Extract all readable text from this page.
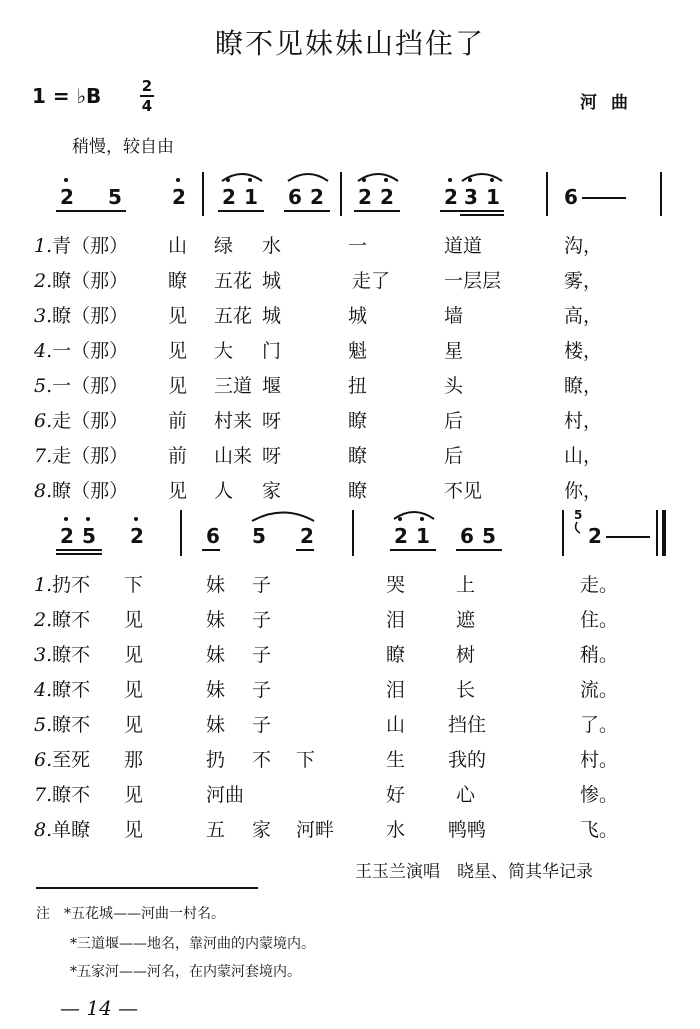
瞭不见妹妹山挡住了
1 = ♭B	2
4	河曲
稍慢，较自由
2 5	2 2 1 6 2 2 2	2 3 1	6
1.青（那） 山 绿 水	一	道道	沟，
2.瞭（那） 瞭 五花 城	走了	一层层	雾，
3.瞭（那） 见 五花 城	城	墙	高，
4.一（那） 见 大 门	魁	星	楼，
5.一（那） 见 三道 堰	扭	头	瞭，
6.走（那） 前 村来 呀	瞭	后	村，
7.走（那） 前 山来 呀	瞭	后	山，
8.瞭（那） 见 人 家	瞭	不见	你，
2 5 2	6 5 2	2 1 6 5	2
5
1.扔不 下	妹 子	哭	上	走。
2.瞭不 见	妹 子	泪	遮	住。
3.瞭不 见	妹 子	瞭	树	稍。
4.瞭不 见	妹 子	泪	长	流。
5.瞭不 见	妹 子	山 挡住	了。
6.至死 那	扔 不 下	生 我的	村。
7.瞭不 见	河曲	好	心	惨。
8.单瞭 见	五 家 河畔	水 鸭鸭	飞。
王玉兰演唱　晓星、简其华记录
注　*五花城——河曲一村名。
*三道堰——地名，靠河曲的内蒙境内。
*五家河——河名，在内蒙河套境内。
— 14 —
